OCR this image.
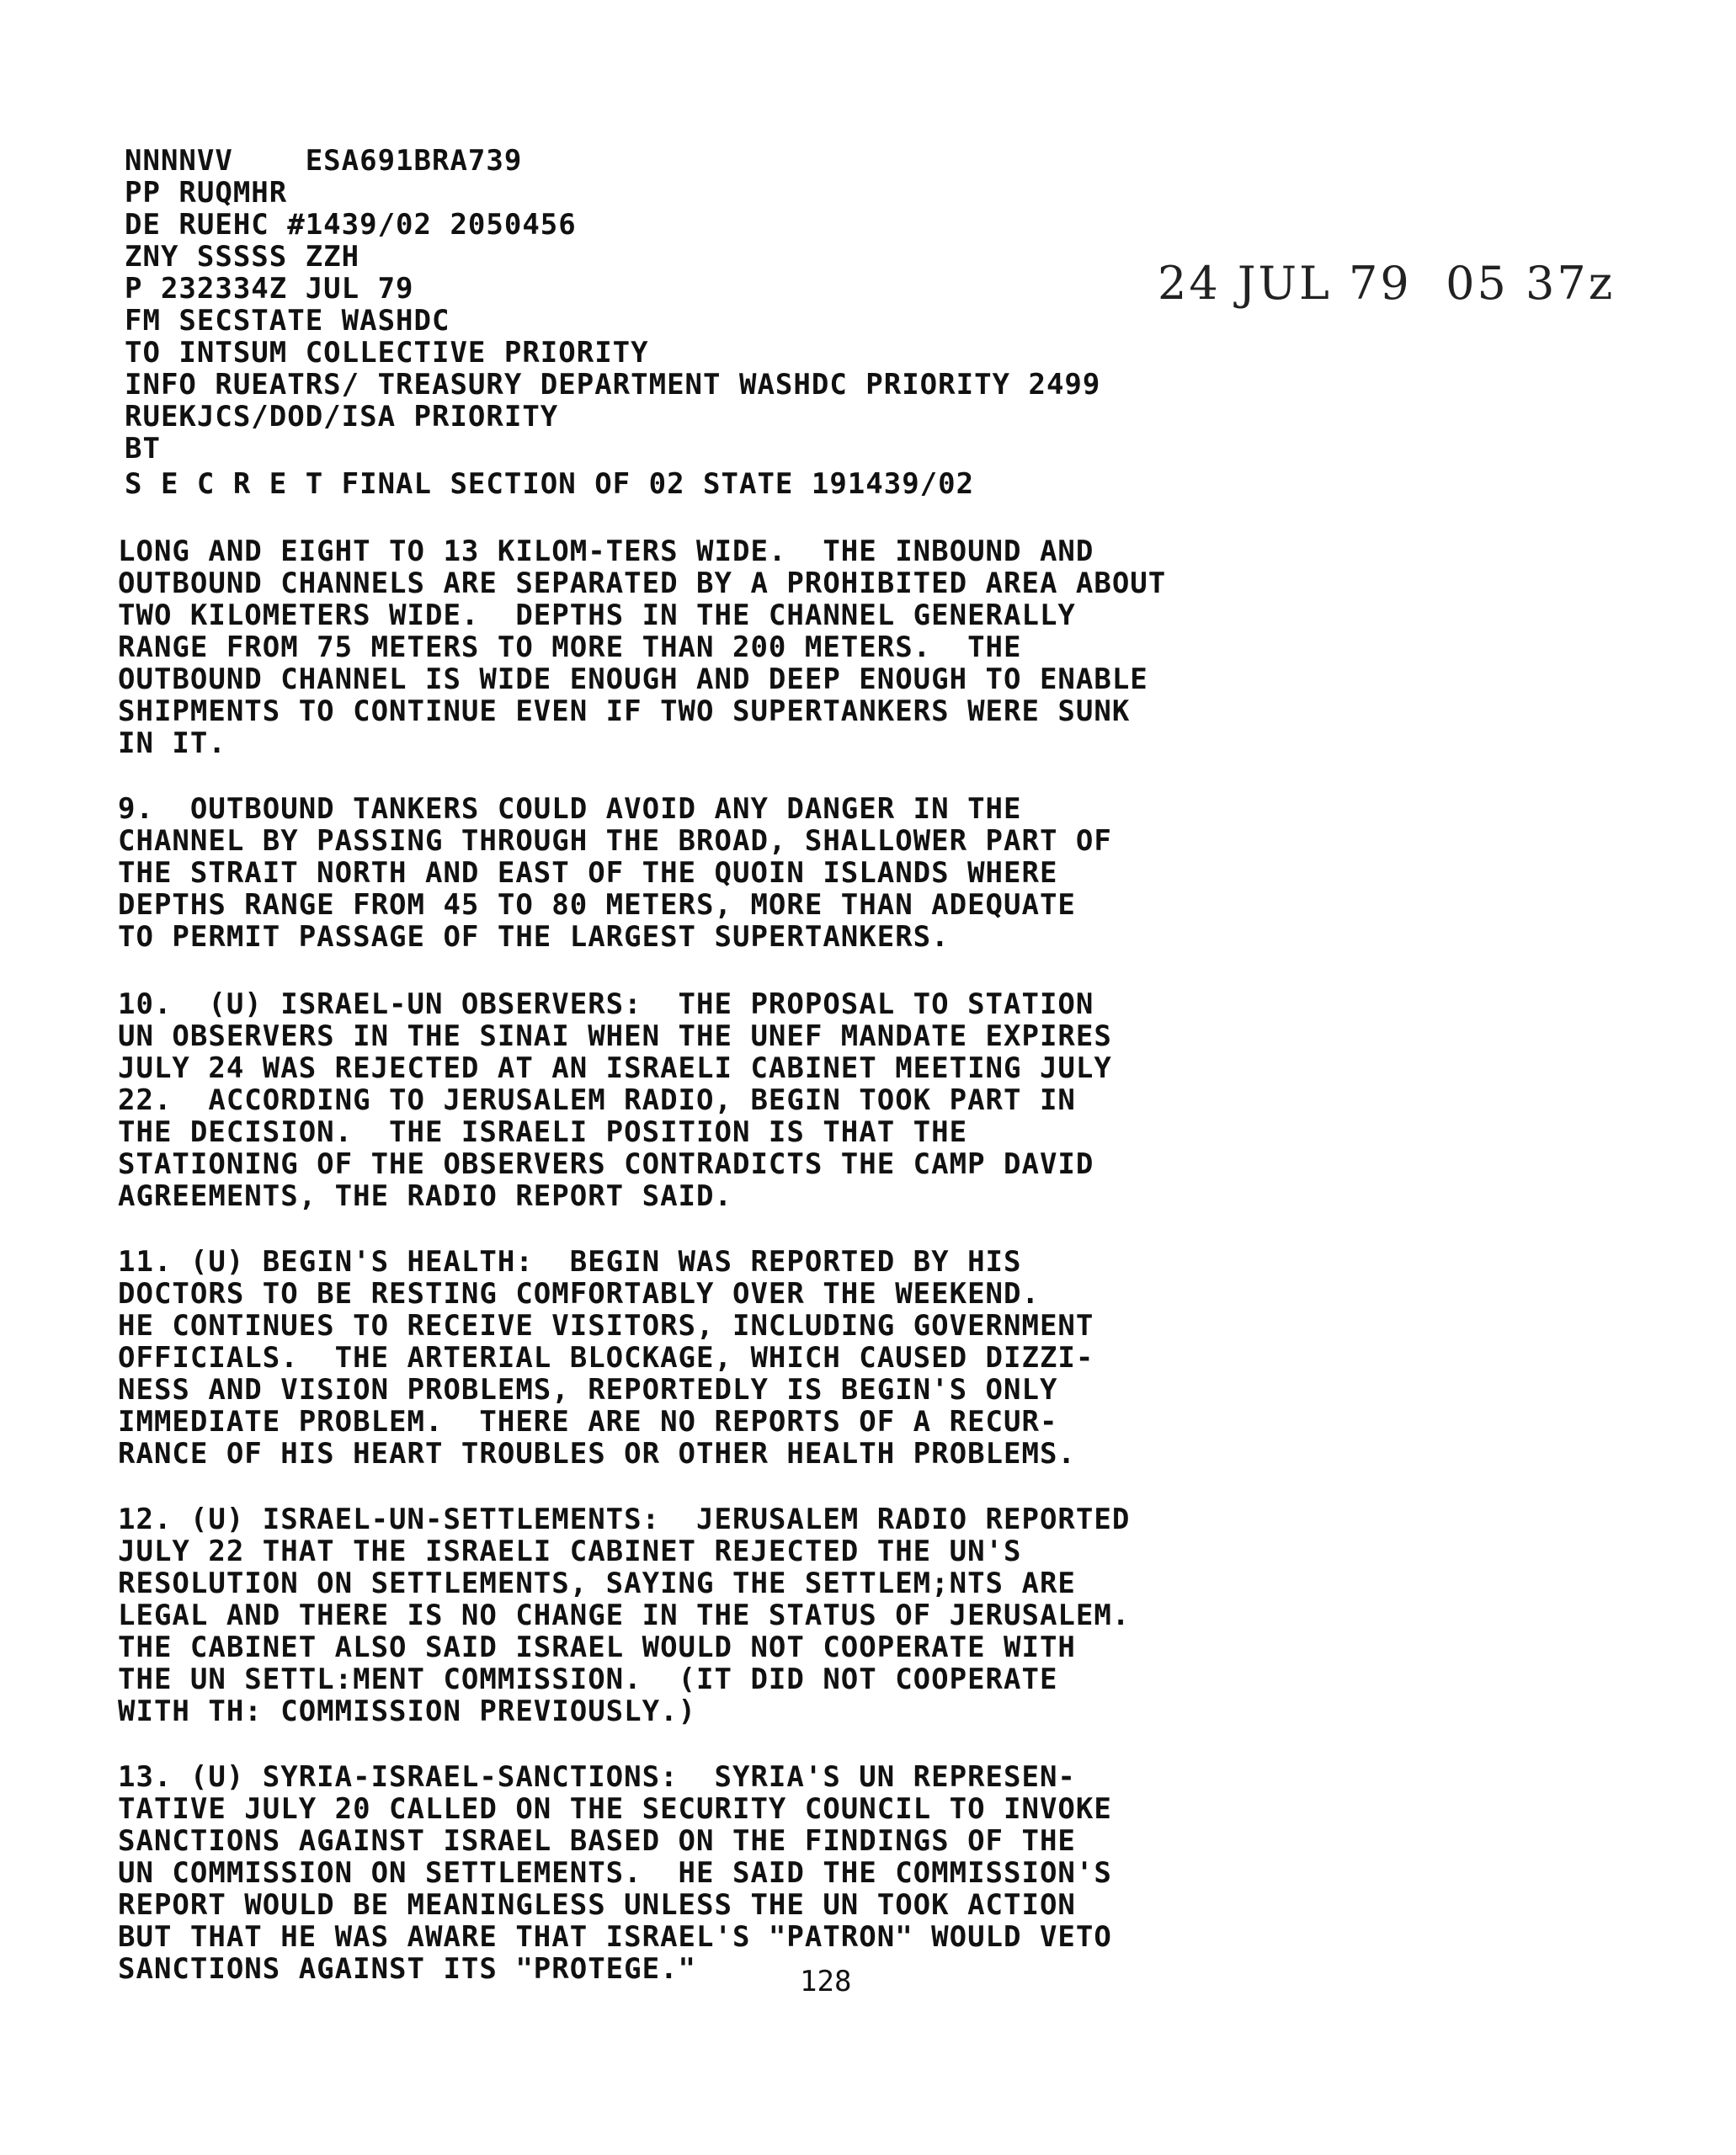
NNNNVV    ESA691BRA739
PP RUQMHR
DE RUEHC #1439/02 2050456
ZNY SSSSS ZZH
P 232334Z JUL 79
FM SECSTATE WASHDC
TO INTSUM COLLECTIVE PRIORITY
INFO RUEATRS/ TREASURY DEPARTMENT WASHDC PRIORITY 2499
RUEKJCS/DOD/ISA PRIORITY
BT
S E C R E T FINAL SECTION OF 02 STATE 191439/02
24 JUL 79  05 37z
LONG AND EIGHT TO 13 KILOM-TERS WIDE.  THE INBOUND AND
OUTBOUND CHANNELS ARE SEPARATED BY A PROHIBITED AREA ABOUT
TWO KILOMETERS WIDE.  DEPTHS IN THE CHANNEL GENERALLY
RANGE FROM 75 METERS TO MORE THAN 200 METERS.  THE
OUTBOUND CHANNEL IS WIDE ENOUGH AND DEEP ENOUGH TO ENABLE
SHIPMENTS TO CONTINUE EVEN IF TWO SUPERTANKERS WERE SUNK
IN IT.
9.  OUTBOUND TANKERS COULD AVOID ANY DANGER IN THE
CHANNEL BY PASSING THROUGH THE BROAD, SHALLOWER PART OF
THE STRAIT NORTH AND EAST OF THE QUOIN ISLANDS WHERE
DEPTHS RANGE FROM 45 TO 80 METERS, MORE THAN ADEQUATE
TO PERMIT PASSAGE OF THE LARGEST SUPERTANKERS.
10.  (U) ISRAEL-UN OBSERVERS:  THE PROPOSAL TO STATION
UN OBSERVERS IN THE SINAI WHEN THE UNEF MANDATE EXPIRES
JULY 24 WAS REJECTED AT AN ISRAELI CABINET MEETING JULY
22.  ACCORDING TO JERUSALEM RADIO, BEGIN TOOK PART IN
THE DECISION.  THE ISRAELI POSITION IS THAT THE
STATIONING OF THE OBSERVERS CONTRADICTS THE CAMP DAVID
AGREEMENTS, THE RADIO REPORT SAID.
11. (U) BEGIN'S HEALTH:  BEGIN WAS REPORTED BY HIS
DOCTORS TO BE RESTING COMFORTABLY OVER THE WEEKEND.
HE CONTINUES TO RECEIVE VISITORS, INCLUDING GOVERNMENT
OFFICIALS.  THE ARTERIAL BLOCKAGE, WHICH CAUSED DIZZI-
NESS AND VISION PROBLEMS, REPORTEDLY IS BEGIN'S ONLY
IMMEDIATE PROBLEM.  THERE ARE NO REPORTS OF A RECUR-
RANCE OF HIS HEART TROUBLES OR OTHER HEALTH PROBLEMS.
12. (U) ISRAEL-UN-SETTLEMENTS:  JERUSALEM RADIO REPORTED
JULY 22 THAT THE ISRAELI CABINET REJECTED THE UN'S
RESOLUTION ON SETTLEMENTS, SAYING THE SETTLEM;NTS ARE
LEGAL AND THERE IS NO CHANGE IN THE STATUS OF JERUSALEM.
THE CABINET ALSO SAID ISRAEL WOULD NOT COOPERATE WITH
THE UN SETTL:MENT COMMISSION.  (IT DID NOT COOPERATE
WITH TH: COMMISSION PREVIOUSLY.)
13. (U) SYRIA-ISRAEL-SANCTIONS:  SYRIA'S UN REPRESEN-
TATIVE JULY 20 CALLED ON THE SECURITY COUNCIL TO INVOKE
SANCTIONS AGAINST ISRAEL BASED ON THE FINDINGS OF THE
UN COMMISSION ON SETTLEMENTS.  HE SAID THE COMMISSION'S
REPORT WOULD BE MEANINGLESS UNLESS THE UN TOOK ACTION
BUT THAT HE WAS AWARE THAT ISRAEL'S "PATRON" WOULD VETO
SANCTIONS AGAINST ITS "PROTEGE."	128
